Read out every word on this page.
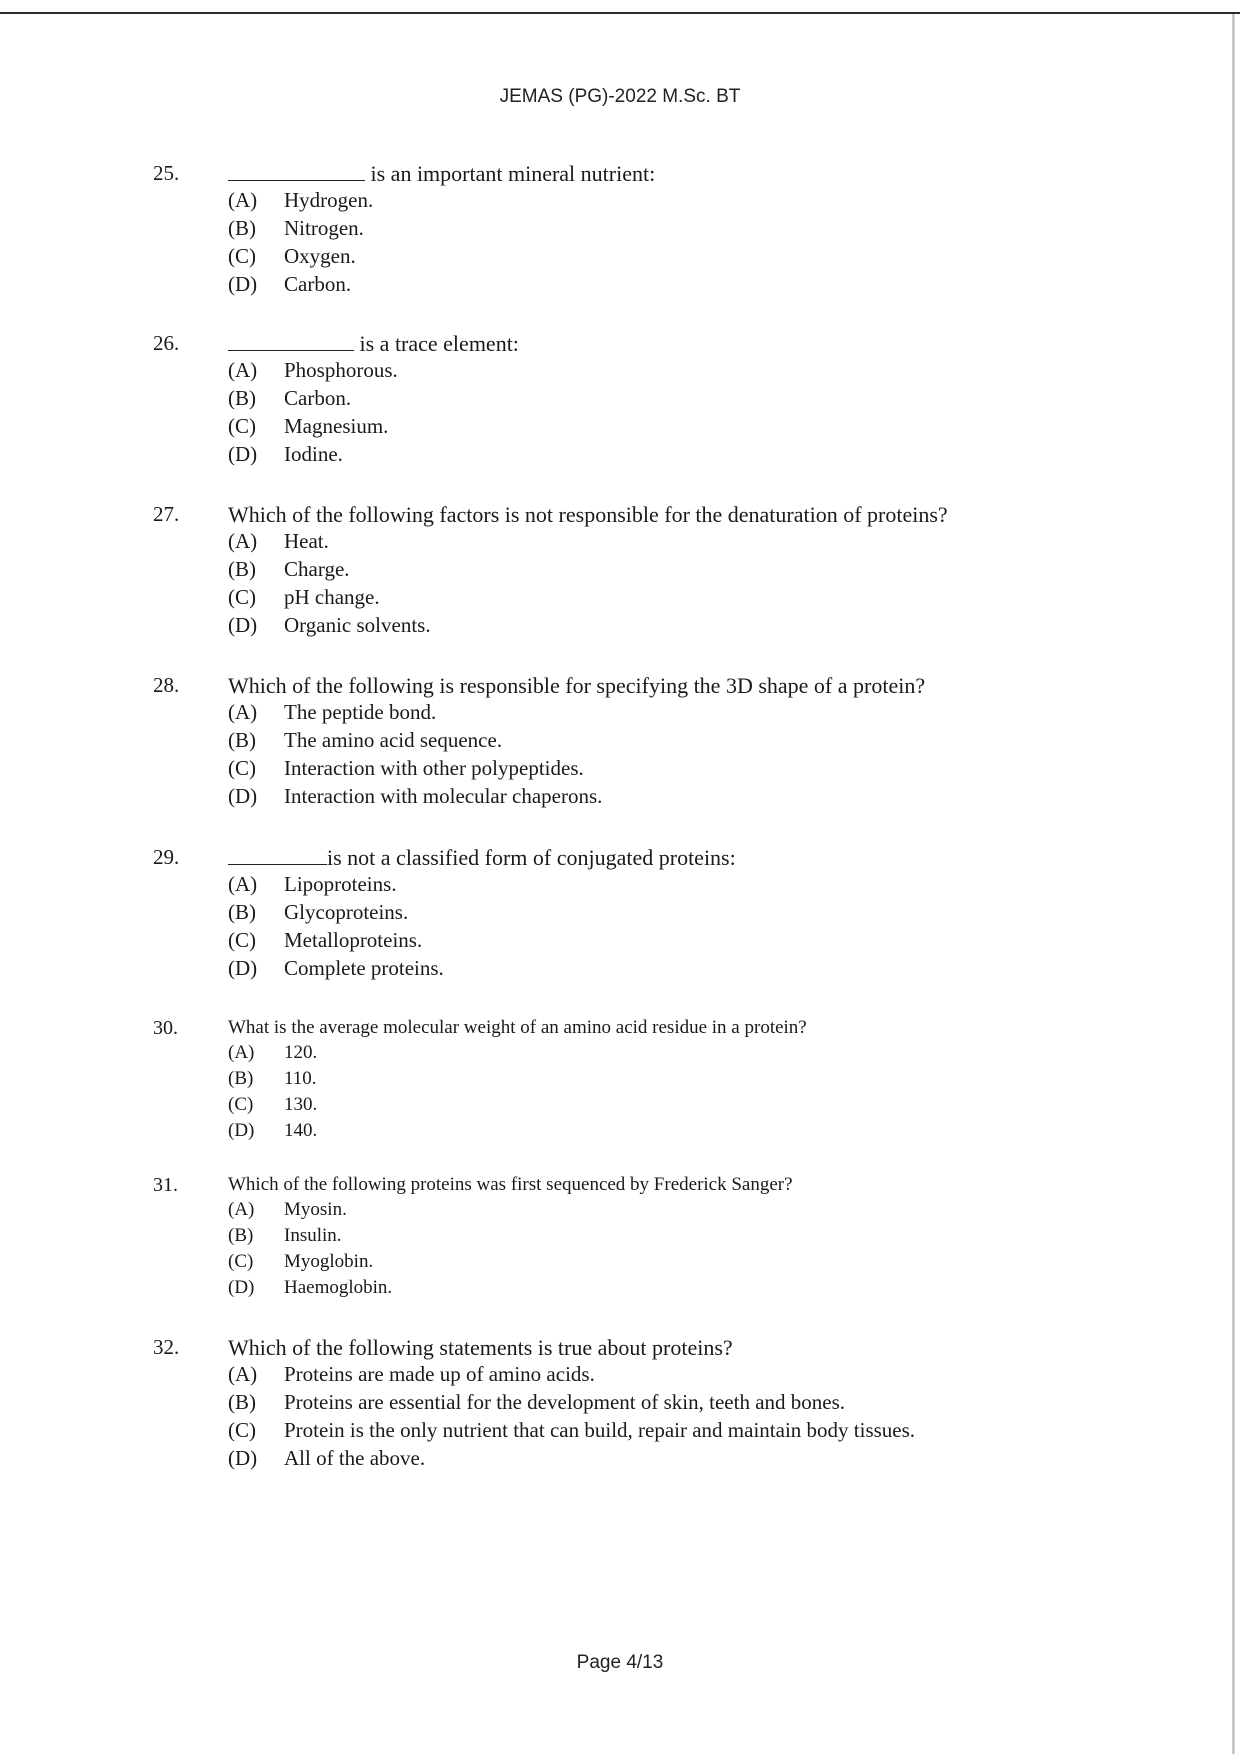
JEMAS (PG)-2022 M.Sc. BT
25.	is an important mineral nutrient:
(A)	Hydrogen.
(B)	Nitrogen.
(C)	Oxygen.
(D)	Carbon.
26.	is a trace element:
(A)	Phosphorous.
(B)	Carbon.
(C)	Magnesium.
(D)	Iodine.
27. Which of the following factors is not responsible for the denaturation of proteins?
(A)	Heat.
(B)	Charge.
(C)	pH change.
(D)	Organic solvents.
28. Which of the following is responsible for specifying the 3D shape of a protein?
(A)	The peptide bond.
(B)	The amino acid sequence.
(C)	Interaction with other polypeptides.
(D)	Interaction with molecular chaperons.
29.	is not a classified form of conjugated proteins:
(A)	Lipoproteins.
(B)	Glycoproteins.
(C)	Metalloproteins.
(D)	Complete proteins.
30.	What is the average molecular weight of an amino acid residue in a protein?
(A)	120.
(B)	110.
(C)	130.
(D)	140.
31.	Which of the following proteins was first sequenced by Frederick Sanger?
(A)	Myosin.
(B)	Insulin.
(C)	Myoglobin.
(D)	Haemoglobin.
32. Which of the following statements is true about proteins?
(A)	Proteins are made up of amino acids.
(B)	Proteins are essential for the development of skin, teeth and bones.
(C)	Protein is the only nutrient that can build, repair and maintain body tissues.
(D)	All of the above.
Page 4/13
